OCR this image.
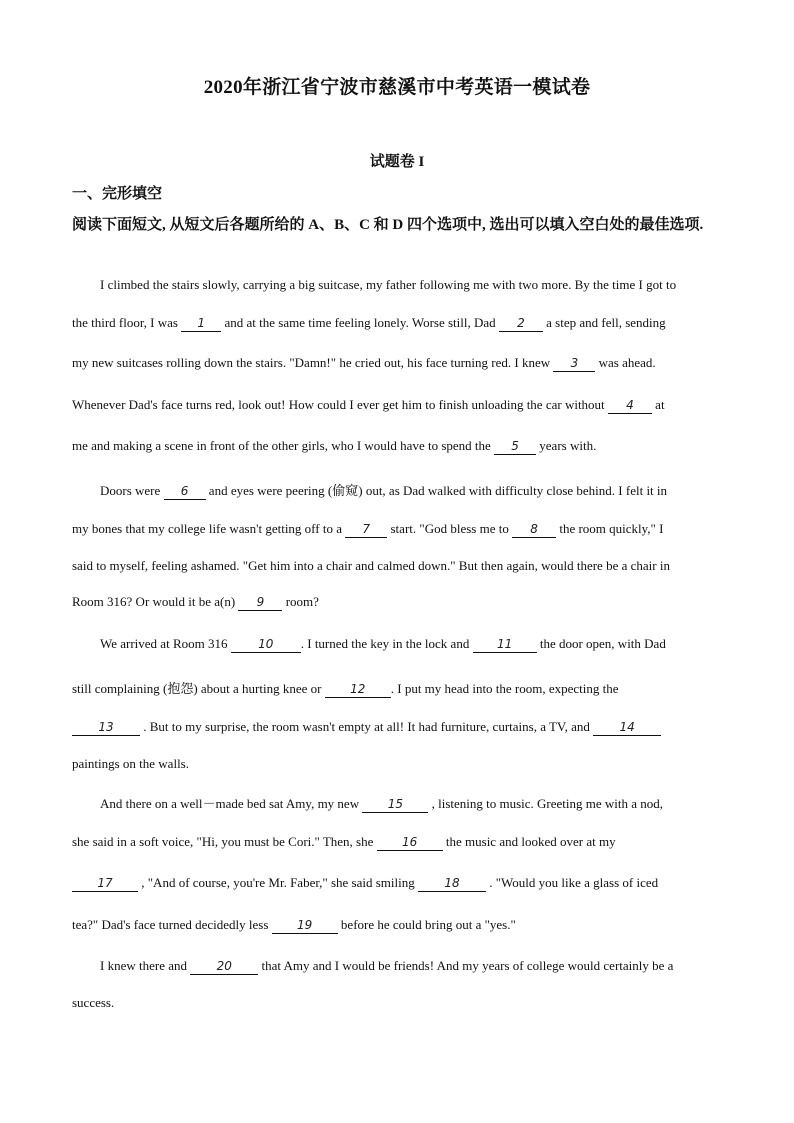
2020年浙江省宁波市慈溪市中考英语一模试卷
试题卷 I
一、完形填空
阅读下面短文, 从短文后各题所给的 A、B、C 和 D 四个选项中, 选出可以填入空白处的最佳选项.
I climbed the stairs slowly, carrying a big suitcase, my father following me with two more. By the time I got to
the third floor, I was 1 and at the same time feeling lonely. Worse still, Dad 2 a step and fell, sending
my new suitcases rolling down the stairs. "Damn!" he cried out, his face turning red. I knew 3 was ahead.
Whenever Dad's face turns red, look out! How could I ever get him to finish unloading the car without 4 at
me and making a scene in front of the other girls, who I would have to spend the 5 years with.
Doors were 6 and eyes were peering (偷窥) out, as Dad walked with difficulty close behind. I felt it in
my bones that my college life wasn't getting off to a 7 start. "God bless me to 8 the room quickly," I
said to myself, feeling ashamed. "Get him into a chair and calmed down." But then again, would there be a chair in
Room 316? Or would it be a(n) 9 room?
We arrived at Room 316	10 . I turned the key in the lock and 11 the door open, with Dad
still complaining (抱怨) about a hurting knee or 12 . I put my head into the room, expecting the
13 . But to my surprise, the room wasn't empty at all! It had furniture, curtains, a TV, and 14
paintings on the walls.
And there on a well－made bed sat Amy, my new 15 , listening to music. Greeting me with a nod,
she said in a soft voice, "Hi, you must be Cori." Then, she 16 the music and looked over at my
17 , "And of course, you're Mr. Faber," she said smiling 18 . "Would you like a glass of iced
tea?" Dad's face turned decidedly less 19 before he could bring out a "yes."
I knew there and 20 that Amy and I would be friends! And my years of college would certainly be a
success.
